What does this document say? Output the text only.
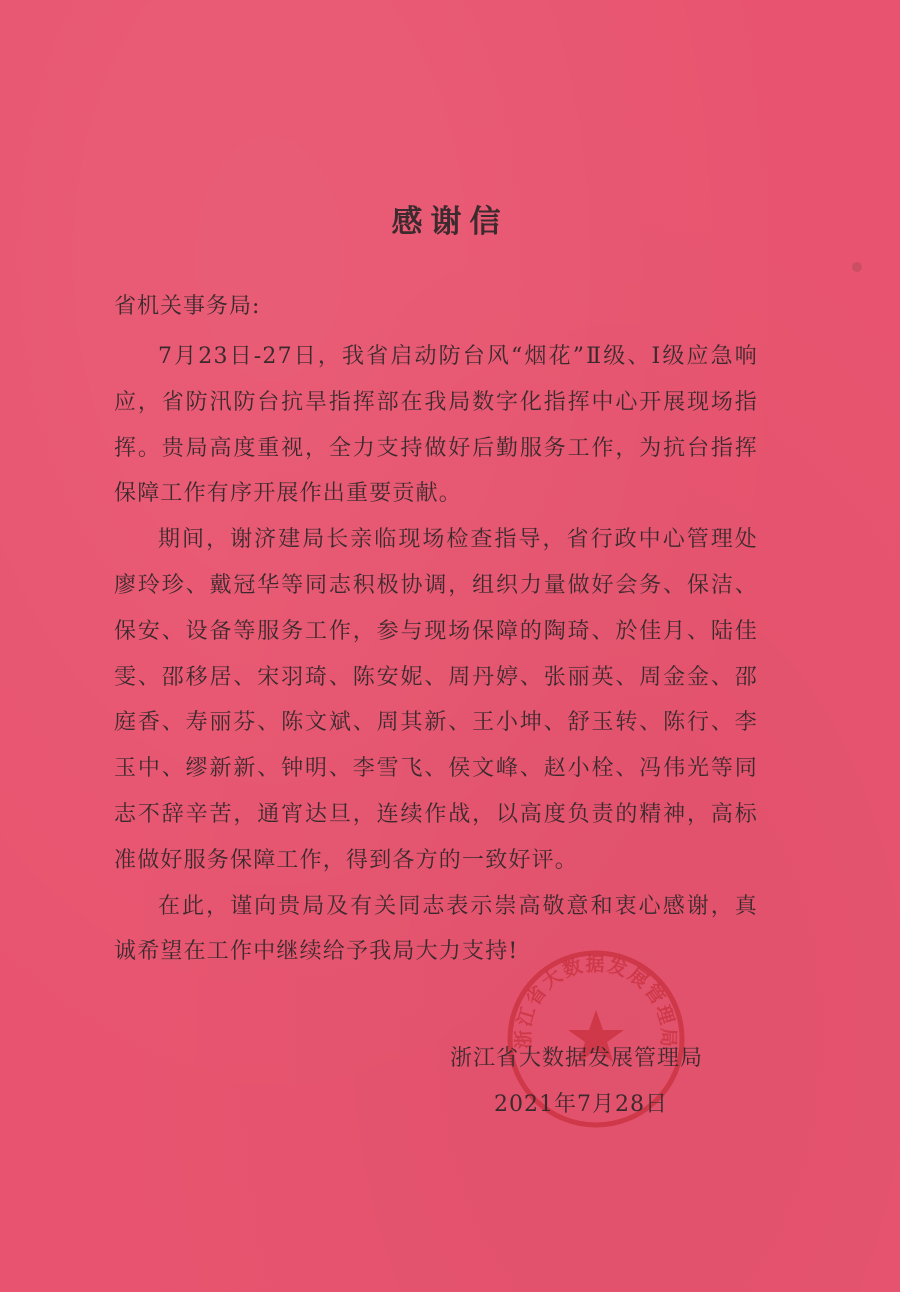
感谢信
省机关事务局:

7月23日-27日，我省启动防台风“烟花”Ⅱ级、Ⅰ级应急响应，省防汛防台抗旱指挥部在我局数字化指挥中心开展现场指挥。贵局高度重视，全力支持做好后勤服务工作，为抗台指挥保障工作有序开展作出重要贡献。

期间，谢济建局长亲临现场检查指导，省行政中心管理处廖玲珍、戴冠华等同志积极协调，组织力量做好会务、保洁、保安、设备等服务工作，参与现场保障的陶琦、於佳月、陆佳雯、邵移居、宋羽琦、陈安妮、周丹婷、张丽英、周金金、邵庭香、寿丽芬、陈文斌、周其新、王小坤、舒玉转、陈行、李玉中、缪新新、钟明、李雪飞、侯文峰、赵小栓、冯伟光等同志不辞辛苦，通宵达旦，连续作战，以高度负责的精神，高标准做好服务保障工作，得到各方的一致好评。

在此，谨向贵局及有关同志表示崇高敬意和衷心感谢，真诚希望在工作中继续给予我局大力支持!

浙江省大数据发展管理局
浙江省大数据发展管理局
2021年7月28日
